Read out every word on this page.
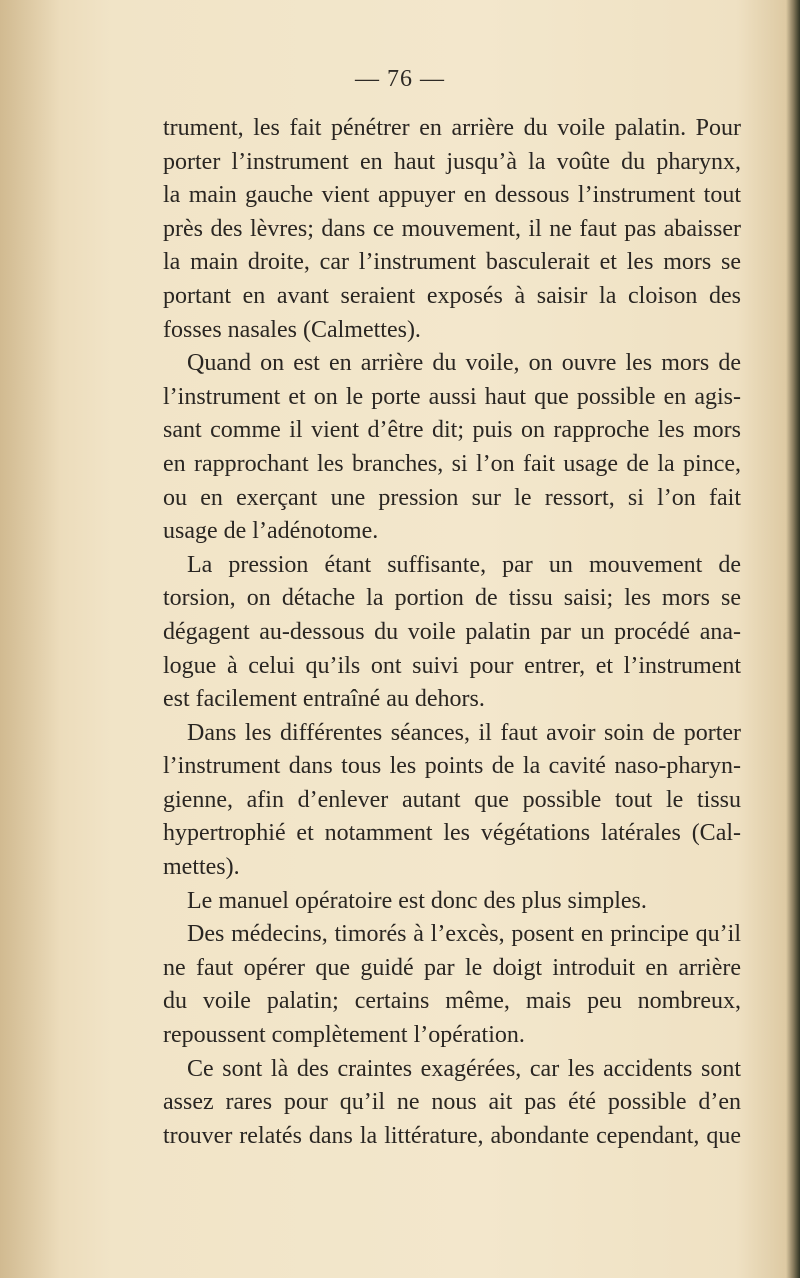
— 76 —
trument, les fait pénétrer en arrière du voile palatin. Pour
porter l’instrument en haut jusqu’à la voûte du pharynx,
la main gauche vient appuyer en dessous l’instrument tout
près des lèvres; dans ce mouvement, il ne faut pas abaisser
la main droite, car l’instrument basculerait et les mors se
portant en avant seraient exposés à saisir la cloison des
fosses nasales (Calmettes).
Quand on est en arrière du voile, on ouvre les mors de
l’instrument et on le porte aussi haut que possible en agis-
sant comme il vient d’être dit; puis on rapproche les mors
en rapprochant les branches, si l’on fait usage de la pince,
ou en exerçant une pression sur le ressort, si l’on fait
usage de l’adénotome.
La pression étant suffisante, par un mouvement de
torsion, on détache la portion de tissu saisi; les mors se
dégagent au-dessous du voile palatin par un procédé ana-
logue à celui qu’ils ont suivi pour entrer, et l’instrument
est facilement entraîné au dehors.
Dans les différentes séances, il faut avoir soin de porter
l’instrument dans tous les points de la cavité naso-pharyn-
gienne, afin d’enlever autant que possible tout le tissu
hypertrophié et notamment les végétations latérales (Cal-
mettes).
Le manuel opératoire est donc des plus simples.
Des médecins, timorés à l’excès, posent en principe qu’il
ne faut opérer que guidé par le doigt introduit en arrière
du voile palatin; certains même, mais peu nombreux,
repoussent complètement l’opération.
Ce sont là des craintes exagérées, car les accidents sont
assez rares pour qu’il ne nous ait pas été possible d’en
trouver relatés dans la littérature, abondante cependant, que
